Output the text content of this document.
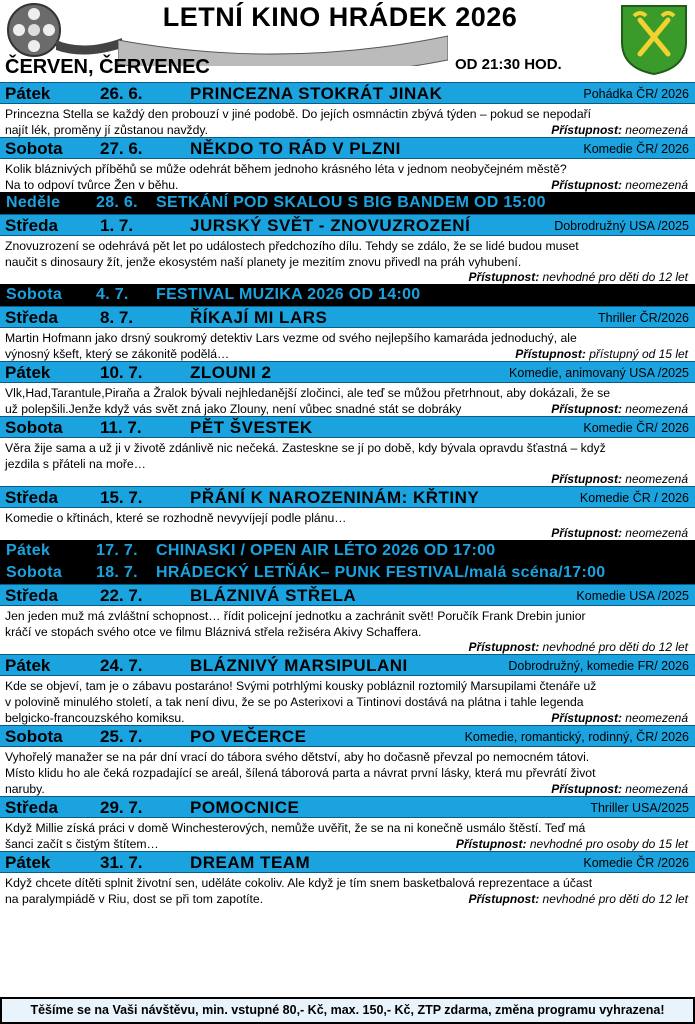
LETNÍ KINO HRÁDEK 2026
ČERVEN, ČERVENEC	OD 21:30 HOD.
Pátek	26. 6.	PRINCEZNA STOKRÁT JINAK	Pohádka ČR/ 2026
Princezna Stella se každý den probouzí v jiné podobě. Do jejích osmnáctin zbývá týden – pokud se nepodaří
najít lék, proměny jí zůstanou navždy.	Přístupnost: neomezená
Sobota 27. 6.	NĚKDO TO RÁD V PLZNI	Komedie ČR/ 2026
Kolik bláznivých příběhů se může odehrát během jednoho krásného léta v jednom neobyčejném městě?
Na to odpoví tvůrce Žen v běhu.	Přístupnost: neomezená
Neděle 28. 6. SETKÁNÍ POD SKALOU S BIG BANDEM OD 15:00
Středa 1. 7.	JURSKÝ SVĚT - ZNOVUZROZENÍ	Dobrodružný USA /2025
Znovuzrození se odehrává pět let po událostech předchozího dílu. Tehdy se zdálo, že se lidé budou muset
naučit s dinosaury žít, jenže ekosystém naší planety je mezitím znovu přivedl na práh vyhubení.
Přístupnost: nevhodné pro děti do 12 let
Sobota 4. 7. FESTIVAL MUZIKA 2026 OD 14:00
Středa 8. 7.	ŘÍKAJÍ MI LARS	Thriller ČR/2026
Martin Hofmann jako drsný soukromý detektiv Lars vezme od svého nejlepšího kamaráda jednoduchý, ale
výnosný kšeft, který se zákonitě podělá…	Přístupnost: přístupný od 15 let
Pátek	10. 7.	ZLOUNI 2	Komedie, animovaný USA /2025
Vlk,Had,Tarantule,Piraňa a Žralok bývali nejhledanější zločinci, ale teď se můžou přetrhnout, aby dokázali, že se
už polepšili.Jenže když vás svět zná jako Zlouny, není vůbec snadné stát se dobráky	Přístupnost: neomezená
Sobota 11. 7.	PĚT ŠVESTEK	Komedie ČR/ 2026
Věra žije sama a už ji v životě zdánlivě nic nečeká. Zasteskne se jí po době, kdy bývala opravdu šťastná – když
jezdila s přáteli na moře…
Přístupnost: neomezená
Středa 15. 7.	PŘÁNÍ K NAROZENINÁM: KŘTINY	Komedie ČR / 2026
Komedie o křtinách, které se rozhodně nevyvíjejí podle plánu…
Přístupnost: neomezená
Pátek	17. 7. CHINASKI / OPEN AIR LÉTO 2026 OD 17:00
Sobota 18. 7. HRÁDECKÝ LETŇÁK– PUNK FESTIVAL/malá scéna/17:00
Středa 22. 7.	BLÁZNIVÁ STŘELA	Komedie USA /2025
Jen jeden muž má zvláštní schopnost… řídit policejní jednotku a zachránit svět! Poručík Frank Drebin junior
kráčí ve stopách svého otce ve filmu Bláznivá střela režiséra Akivy Schaffera.
Přístupnost: nevhodné pro děti do 12 let
Pátek	24. 7.	BLÁZNIVÝ MARSIPULANI	Dobrodružný, komedie FR/ 2026
Kde se objeví, tam je o zábavu postaráno! Svými potrhlými kousky pobláznil roztomilý Marsupilami čtenáře už
v polovině minulého století, a tak není divu, že se po Asterixovi a Tintinovi dostává na plátna i tahle legenda
belgicko-francouzského komiksu.	Přístupnost: neomezená
Sobota 25. 7.	PO VEČERCE	Komedie, romantický, rodinný, ČR/ 2026
Vyhořelý manažer se na pár dní vrací do tábora svého dětství, aby ho dočasně převzal po nemocném tátovi.
Místo klidu ho ale čeká rozpadající se areál, šílená táborová parta a návrat první lásky, která mu převrátí život
naruby.	Přístupnost: neomezená
Středa 29. 7.	POMOCNICE	Thriller USA/2025
Když Millie získá práci v domě Winchesterových, nemůže uvěřit, že se na ni konečně usmálo štěstí. Teď má
šanci začít s čistým štítem…	Přístupnost: nevhodné pro osoby do 15 let
Pátek	31. 7.	DREAM TEAM	Komedie ČR /2026
Když chcete dítěti splnit životní sen, uděláte cokoliv. Ale když je tím snem basketbalová reprezentace a účast
na paralympiádě v Riu, dost se při tom zapotíte.	Přístupnost: nevhodné pro děti do 12 let
Těšíme se na Vaši návštěvu, min. vstupné 80,- Kč, max. 150,- Kč, ZTP zdarma, změna programu vyhrazena!
